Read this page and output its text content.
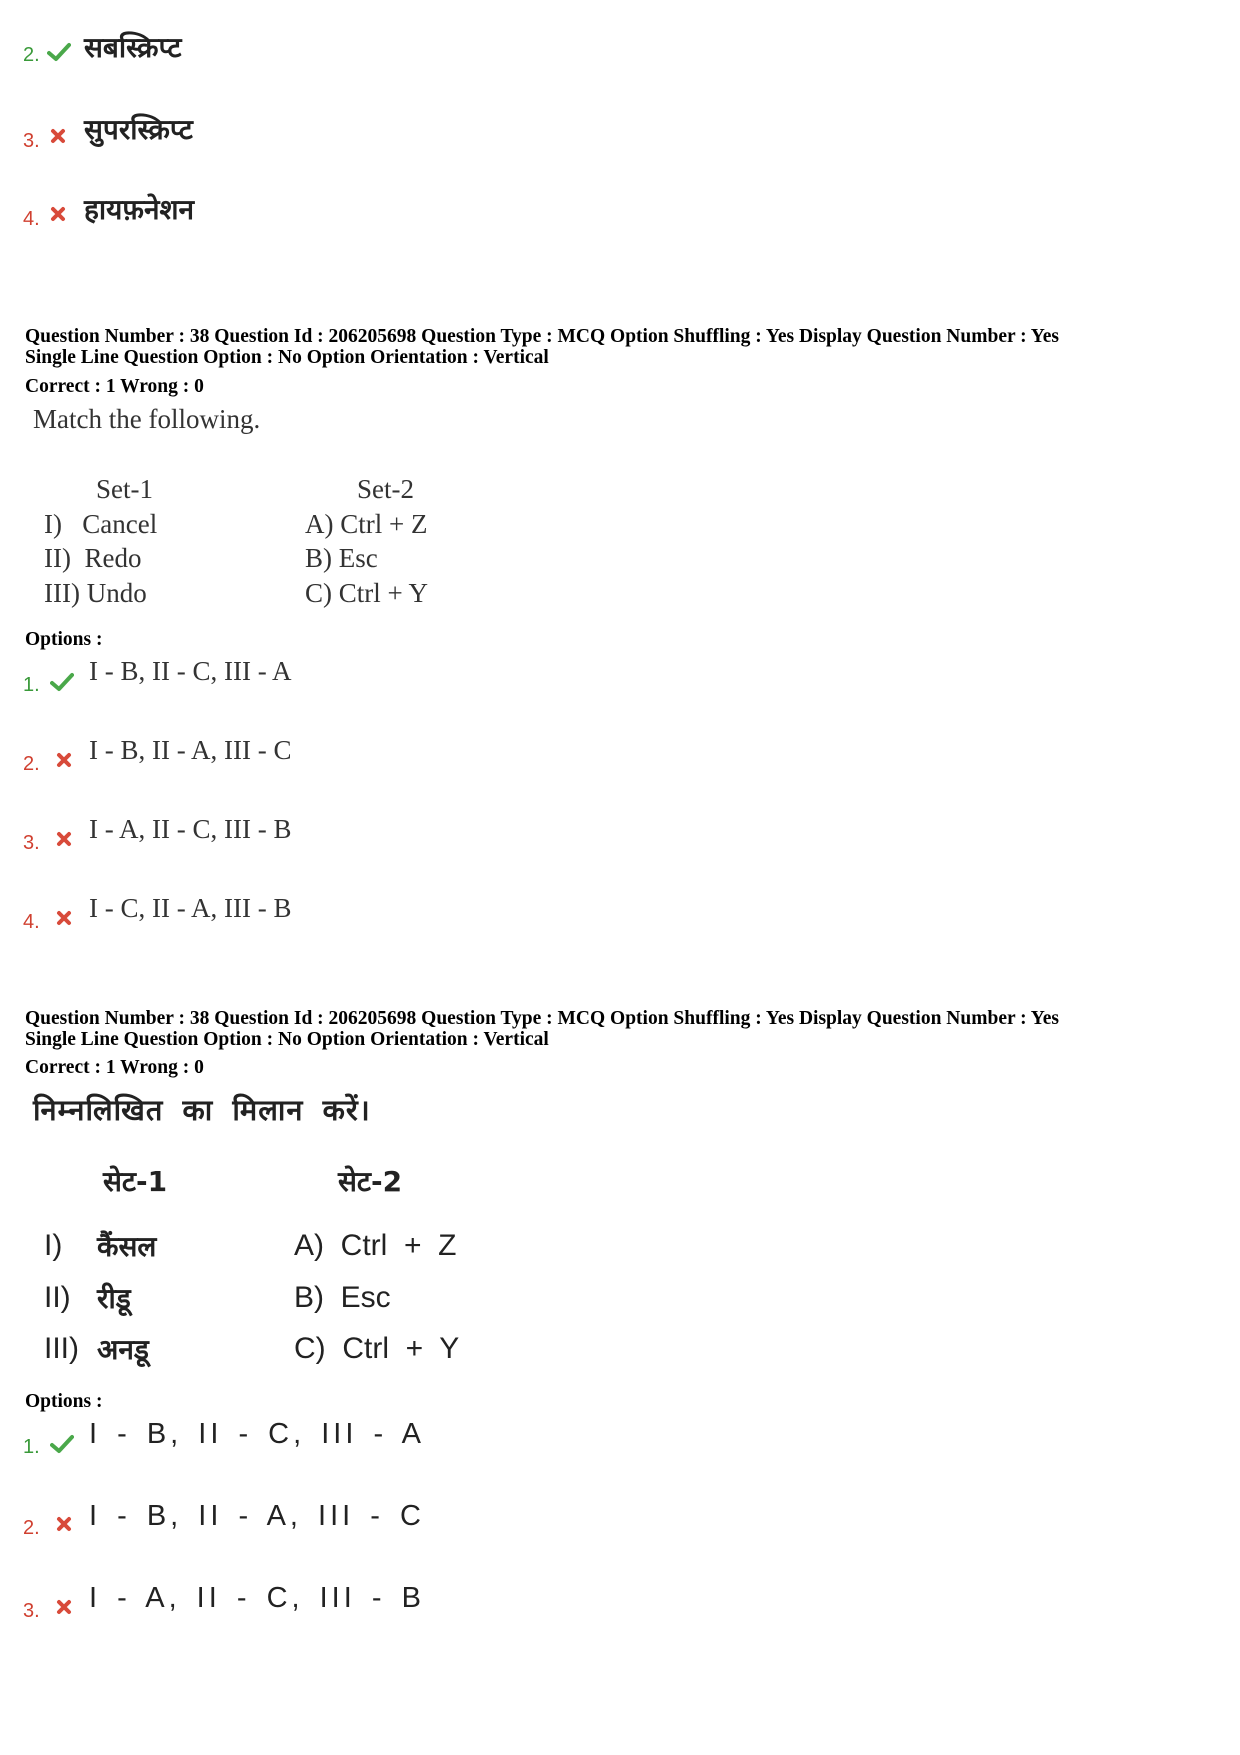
2. सबस्क्रिप्ट
3. सुपरस्क्रिप्ट
4. हायफ़नेशन
Question Number : 38 Question Id : 206205698 Question Type : MCQ Option Shuffling : Yes Display Question Number : Yes
Single Line Question Option : No Option Orientation : Vertical
Correct : 1 Wrong : 0
Match the following.
Set-1	Set-2
I)   Cancel
II)  Redo
III) Undo
A) Ctrl + Z
B) Esc
C) Ctrl + Y
Options :
1. I - B, II - C, III - A
2. I - B, II - A, III - C
3. I - A, II - C, III - B
4. I - C, II - A, III - B
Question Number : 38 Question Id : 206205698 Question Type : MCQ Option Shuffling : Yes Display Question Number : Yes
Single Line Question Option : No Option Orientation : Vertical
Correct : 1 Wrong : 0
निम्नलिखित का मिलान करें।
सेट-1	सेट-2
I)
II)
III)
कैंसल
रीडू
अनडू
A)  Ctrl  +  Z
B)  Esc
C)  Ctrl  +  Y
Options :
1. I - B, II - C, III - A
2. I - B, II - A, III - C
3. I - A, II - C, III - B
